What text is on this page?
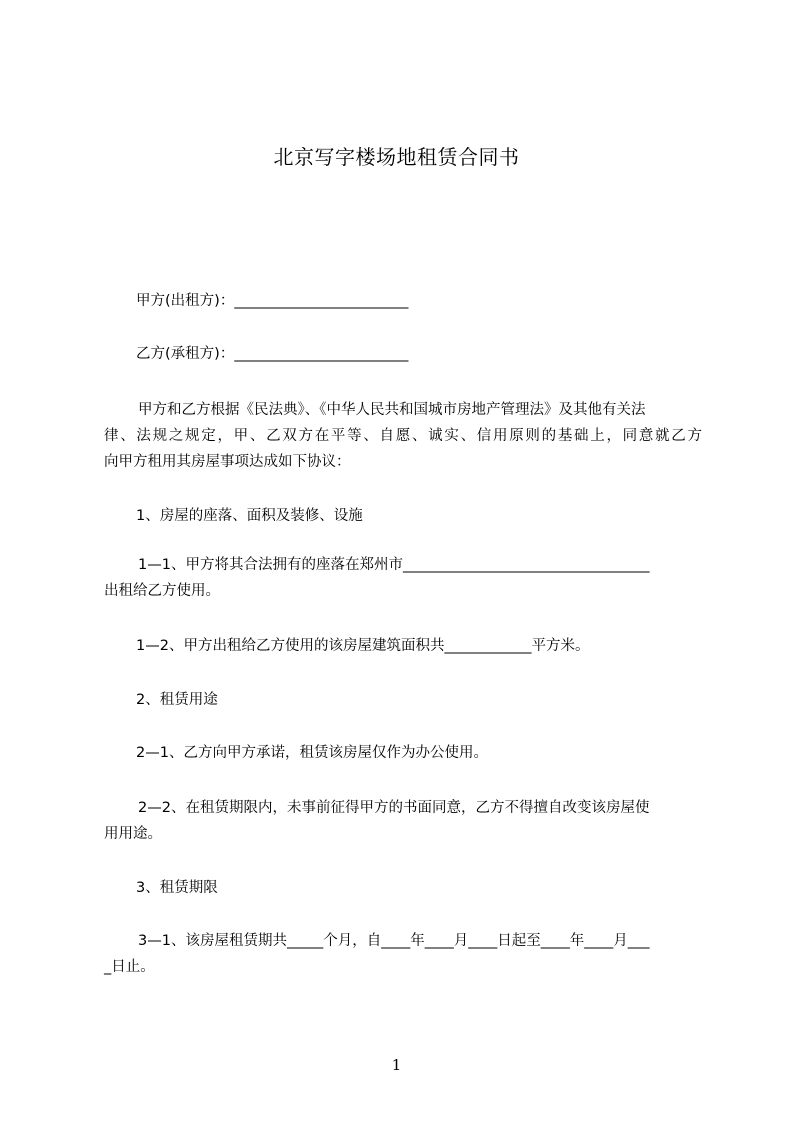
北京写字楼场地租赁合同书
甲方(出租方)：________________________
乙方(承租方)：________________________
甲方和乙方根据《民法典》、《中华人民共和国城市房地产管理法》及其他有关法
律、法规之规定，甲、乙双方在平等、自愿、诚实、信用原则的基础上，同意就乙方
向甲方租用其房屋事项达成如下协议：
1、房屋的座落、面积及装修、设施
1—1、甲方将其合法拥有的座落在郑州市__________________________________
出租给乙方使用。
1—2、甲方出租给乙方使用的该房屋建筑面积共____________平方米。
2、租赁用途
2—1、乙方向甲方承诺，租赁该房屋仅作为办公使用。
2—2、在租赁期限内，未事前征得甲方的书面同意，乙方不得擅自改变该房屋使
用用途。
3、租赁期限
3—1、该房屋租赁期共_____个月，自____年____月____日起至____年____月___
_日止。
1
